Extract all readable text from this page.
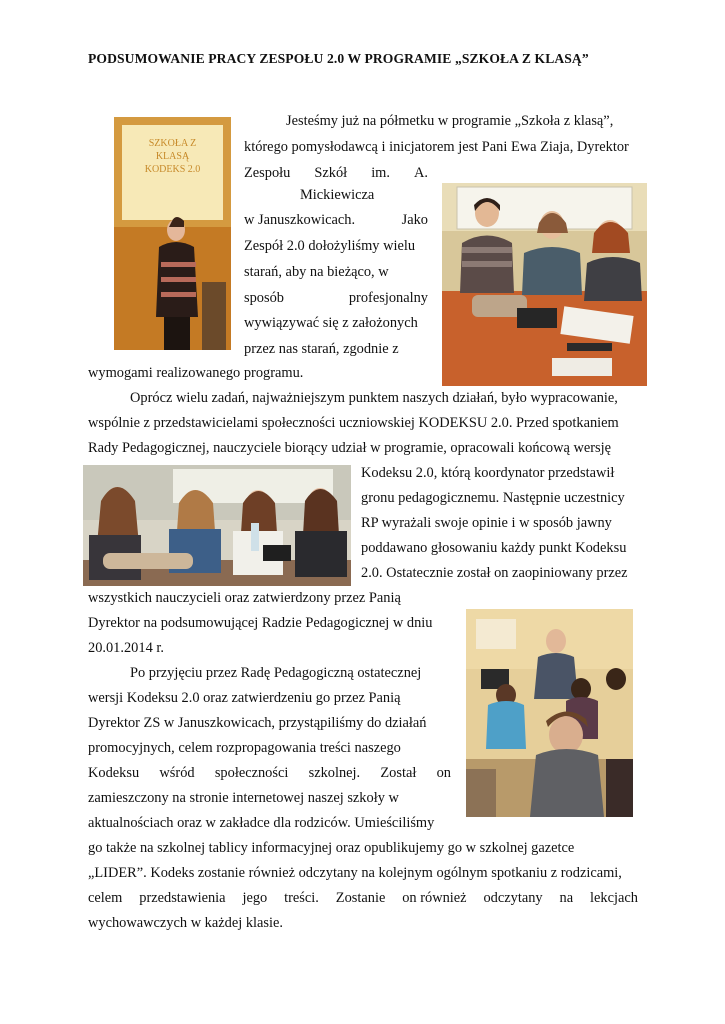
PODSUMOWANIE PRACY ZESPOŁU 2.0 W PROGRAMIE „SZKOŁA Z KLASĄ”
SZKOŁA Z
KLASĄ
KODEKS 2.0
Jesteśmy już na półmetku w programie „Szkoła z klasą”,
którego pomysłodawcą i inicjatorem jest Pani Ewa Ziaja, Dyrektor
Zespołu Szkół im. A.
Mickiewicza
w Januszkowicach.	Jako
Zespół 2.0 dołożyliśmy wielu
starań, aby na bieżąco, w
sposób	profesjonalny
wywiązywać się z założonych
przez nas starań, zgodnie z
wymogami realizowanego programu.
Oprócz wielu zadań, najważniejszym punktem naszych działań, było wypracowanie,
wspólnie z przedstawicielami społeczności uczniowskiej KODEKSU 2.0. Przed spotkaniem
Rady Pedagogicznej, nauczyciele biorący udział w programie, opracowali końcową wersję
Kodeksu 2.0, którą koordynator przedstawił
gronu pedagogicznemu. Następnie uczestnicy
RP wyrażali swoje opinie i w sposób jawny
poddawano głosowaniu każdy punkt Kodeksu
2.0. Ostatecznie został on zaopiniowany przez
wszystkich nauczycieli oraz zatwierdzony przez Panią
Dyrektor na podsumowującej Radzie Pedagogicznej w dniu
20.01.2014 r.
Po przyjęciu przez Radę Pedagogiczną ostatecznej
wersji Kodeksu 2.0 oraz zatwierdzeniu go przez Panią
Dyrektor ZS w Januszkowicach, przystąpiliśmy do działań
promocyjnych, celem rozpropagowania treści naszego
Kodeksu wśród społeczności szkolnej. Został on
zamieszczony na stronie internetowej naszej szkoły w
aktualnościach oraz w zakładce dla rodziców. Umieściliśmy
go także na szkolnej tablicy informacyjnej oraz opublikujemy go w szkolnej gazetce
„LIDER”. Kodeks zostanie również odczytany na kolejnym ogólnym spotkaniu z rodzicami,
celem przedstawienia jego treści. Zostanie on również odczytany na lekcjach
wychowawczych w każdej klasie.
